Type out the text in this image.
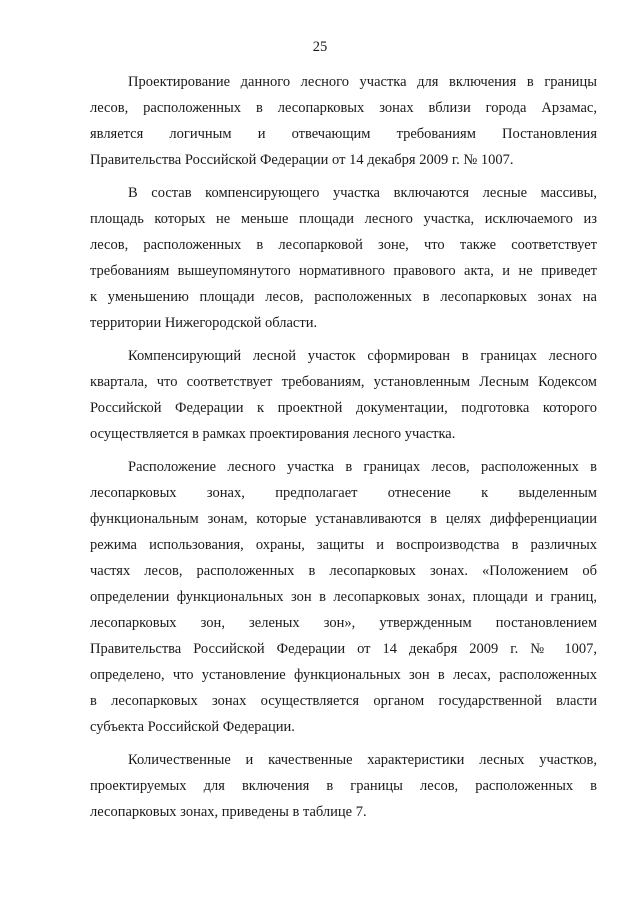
25
Проектирование данного лесного участка для включения в границы
лесов, расположенных в лесопарковых зонах вблизи города Арзамас,
является логичным и отвечающим требованиям Постановления
Правительства Российской Федерации от 14 декабря 2009 г. № 1007.
В состав компенсирующего участка включаются лесные массивы,
площадь которых не меньше площади лесного участка, исключаемого из
лесов, расположенных в лесопарковой зоне, что также соответствует
требованиям вышеупомянутого нормативного правового акта, и не приведет
к уменьшению площади лесов, расположенных в лесопарковых зонах на
территории Нижегородской области.
Компенсирующий лесной участок сформирован в границах лесного
квартала, что соответствует требованиям, установленным Лесным Кодексом
Российской Федерации к проектной документации, подготовка которого
осуществляется в рамках проектирования лесного участка.
Расположение лесного участка в границах лесов, расположенных в
лесопарковых зонах, предполагает отнесение к выделенным
функциональным зонам, которые устанавливаются в целях дифференциации
режима использования, охраны, защиты и воспроизводства в различных
частях лесов, расположенных в лесопарковых зонах. «Положением об
определении функциональных зон в лесопарковых зонах, площади и границ,
лесопарковых зон, зеленых зон», утвержденным постановлением
Правительства Российской Федерации от 14 декабря 2009 г. № 1007,
определено, что установление функциональных зон в лесах, расположенных
в лесопарковых зонах осуществляется органом государственной власти
субъекта Российской Федерации.
Количественные и качественные характеристики лесных участков,
проектируемых для включения в границы лесов, расположенных в
лесопарковых зонах, приведены в таблице 7.
